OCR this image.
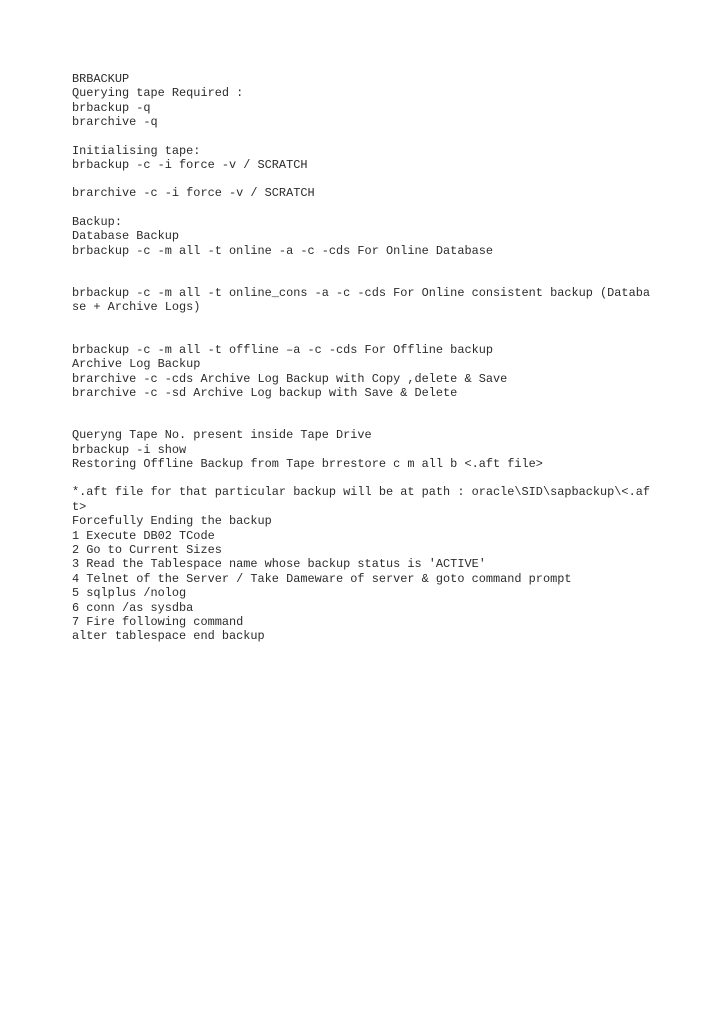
BRBACKUP
Querying tape Required :
brbackup -q
brarchive -q
Initialising tape:
brbackup -c -i force -v / SCRATCH
brarchive -c -i force -v / SCRATCH
Backup:
Database Backup
brbackup -c -m all -t online -a -c -cds For Online Database
brbackup -c -m all -t online_cons -a -c -cds For Online consistent backup (Database + Archive Logs)
brbackup -c -m all -t offline –a -c -cds For Offline backup
Archive Log Backup
brarchive -c -cds Archive Log Backup with Copy ,delete & Save
brarchive -c -sd Archive Log backup with Save & Delete
Queryng Tape No. present inside Tape Drive
brbackup -i show
Restoring Offline Backup from Tape brrestore c m all b <.aft file>
*.aft file for that particular backup will be at path : oracle\SID\sapbackup\<.aft>
Forcefully Ending the backup
1 Execute DB02 TCode
2 Go to Current Sizes
3 Read the Tablespace name whose backup status is 'ACTIVE'
4 Telnet of the Server / Take Dameware of server & goto command prompt
5 sqlplus /nolog
6 conn /as sysdba
7 Fire following command
alter tablespace end backup
